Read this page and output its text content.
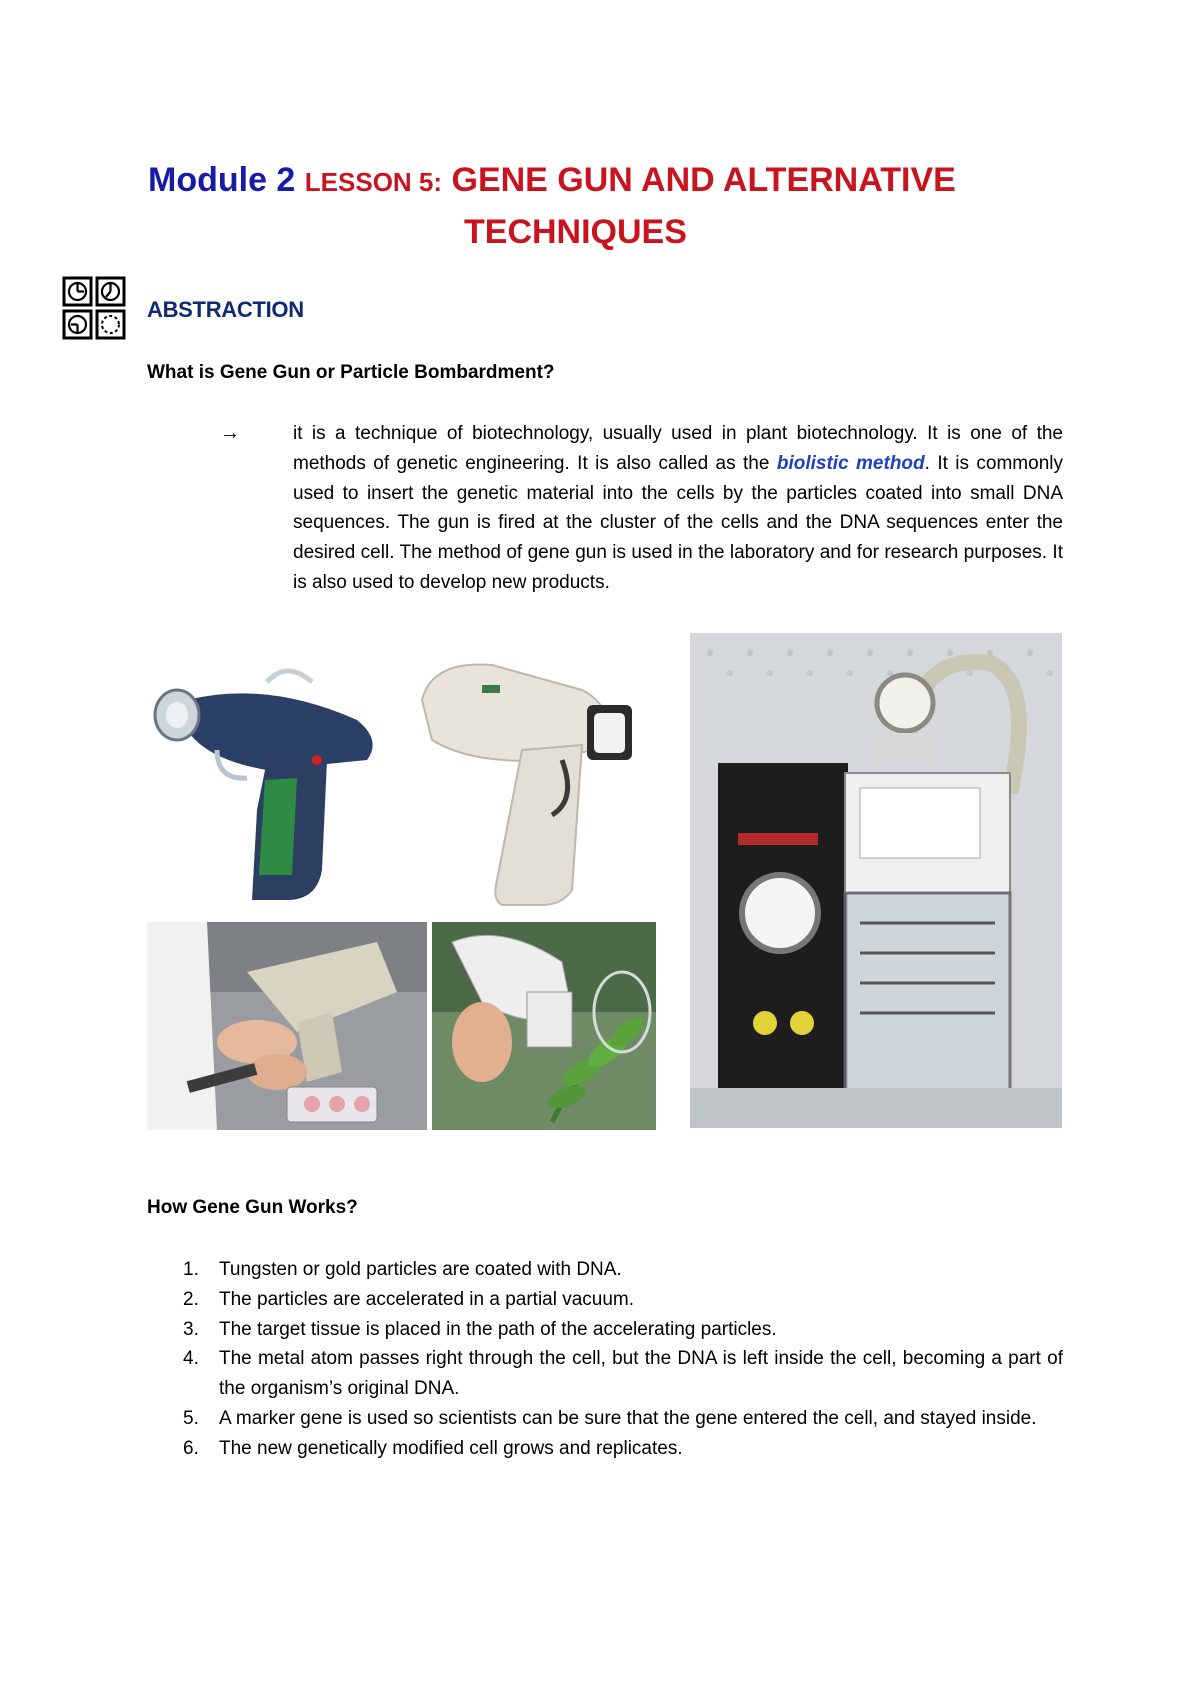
Module 2 LESSON 5: GENE GUN AND ALTERNATIVE
TECHNIQUES
ABSTRACTION
What is Gene Gun or Particle Bombardment?
→	it is a technique of biotechnology, usually used in plant biotechnology. It is one of the methods of genetic engineering. It is also called as the biolistic method. It is commonly used to insert the genetic material into the cells by the particles coated into small DNA sequences. The gun is fired at the cluster of the cells and the DNA sequences enter the desired cell. The method of gene gun is used in the laboratory and for research purposes. It is also used to develop new products.
How Gene Gun Works?
1. Tungsten or gold particles are coated with DNA.
2. The particles are accelerated in a partial vacuum.
3. The target tissue is placed in the path of the accelerating particles.
4. The metal atom passes right through the cell, but the DNA is left inside the cell, becoming a part of the organism’s original DNA.
5. A marker gene is used so scientists can be sure that the gene entered the cell, and stayed inside.
6. The new genetically modified cell grows and replicates.
